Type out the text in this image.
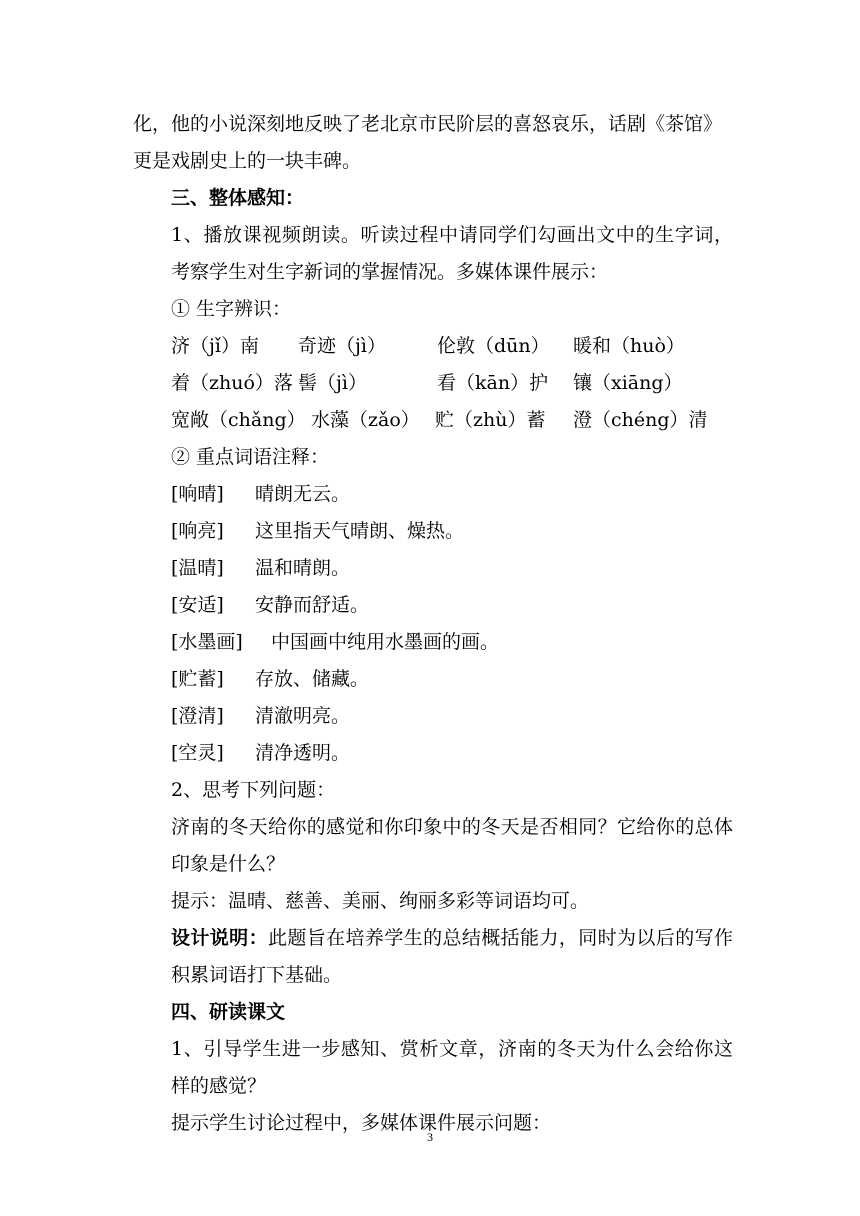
化，他的小说深刻地反映了老北京市民阶层的喜怒哀乐，话剧《茶馆》

更是戏剧史上的一块丰碑。

三、整体感知：

1、播放课视频朗读。听读过程中请同学们勾画出文中的生字词，考察学生对生字新词的掌握情况。多媒体课件展示：

① 生字辨识：

济（jǐ）南	奇迹（jì）	伦敦（dūn）	暖和（huò）
着（zhuó）落 髻（jì）	看（kān）护	镶（xiāng）
宽敞（chǎng） 水藻（zǎo） 贮（zhù）蓄	澄（chéng）清

② 重点词语注释：

[响晴] 晴朗无云。

[响亮] 这里指天气晴朗、燥热。

[温晴] 温和晴朗。

[安适] 安静而舒适。

[水墨画] 中国画中纯用水墨画的画。

[贮蓄] 存放、储藏。

[澄清] 清澈明亮。

[空灵] 清净透明。

2、思考下列问题：

济南的冬天给你的感觉和你印象中的冬天是否相同？它给你的总体印象是什么？

提示：温晴、慈善、美丽、绚丽多彩等词语均可。

设计说明：此题旨在培养学生的总结概括能力，同时为以后的写作积累词语打下基础。

四、研读课文

1、引导学生进一步感知、赏析文章，济南的冬天为什么会给你这样的感觉？

提示学生讨论过程中，多媒体课件展示问题：

3
